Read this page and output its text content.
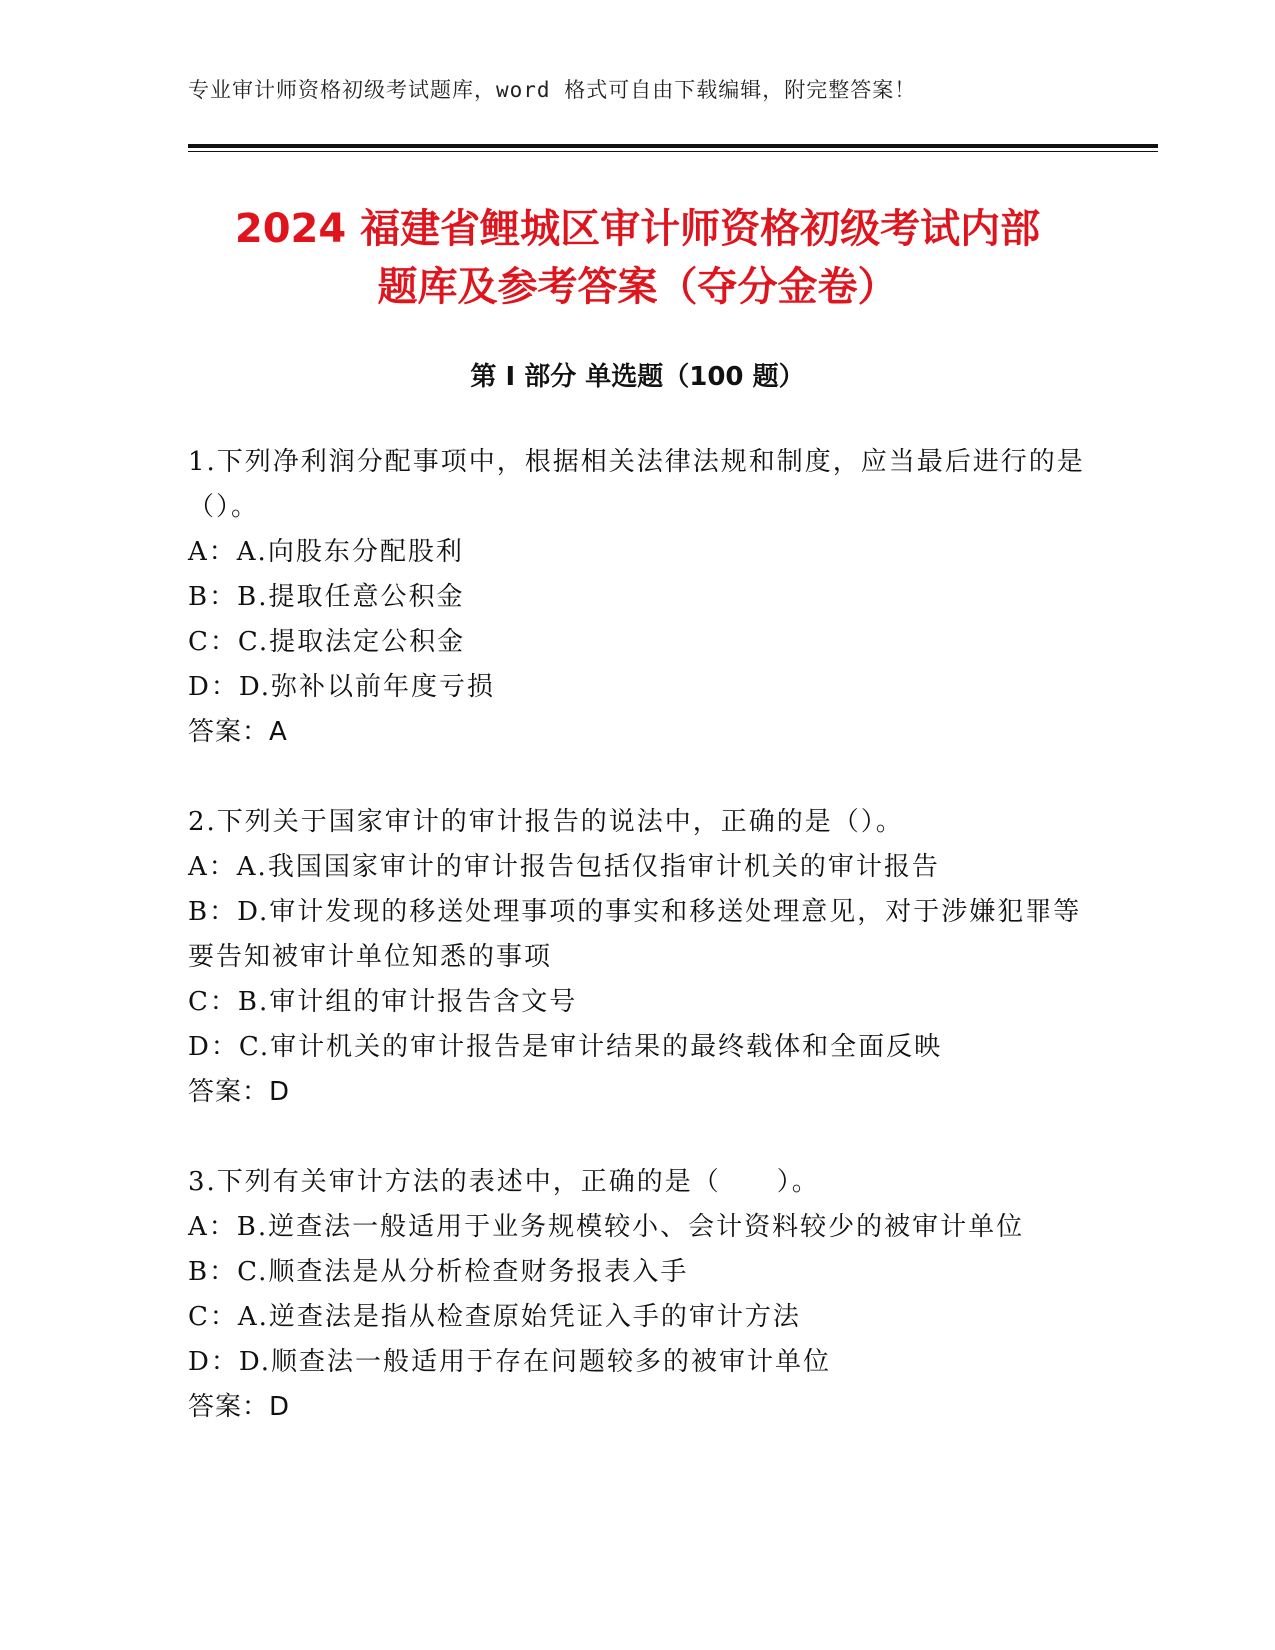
专业审计师资格初级考试题库，word 格式可自由下载编辑，附完整答案！
2024 福建省鲤城区审计师资格初级考试内部
题库及参考答案（夺分金卷）
第 I 部分 单选题（100 题）
1.下列净利润分配事项中，根据相关法律法规和制度，应当最后进行的是（）。
A：A.向股东分配股利
B：B.提取任意公积金
C：C.提取法定公积金
D：D.弥补以前年度亏损
答案：A
2.下列关于国家审计的审计报告的说法中，正确的是（）。
A：A.我国国家审计的审计报告包括仅指审计机关的审计报告
B：D.审计发现的移送处理事项的事实和移送处理意见，对于涉嫌犯罪等要告知被审计单位知悉的事项
C：B.审计组的审计报告含文号
D：C.审计机关的审计报告是审计结果的最终载体和全面反映
答案：D
3.下列有关审计方法的表述中，正确的是（　　）。
A：B.逆查法一般适用于业务规模较小、会计资料较少的被审计单位
B：C.顺查法是从分析检查财务报表入手
C：A.逆查法是指从检查原始凭证入手的审计方法
D：D.顺查法一般适用于存在问题较多的被审计单位
答案：D
